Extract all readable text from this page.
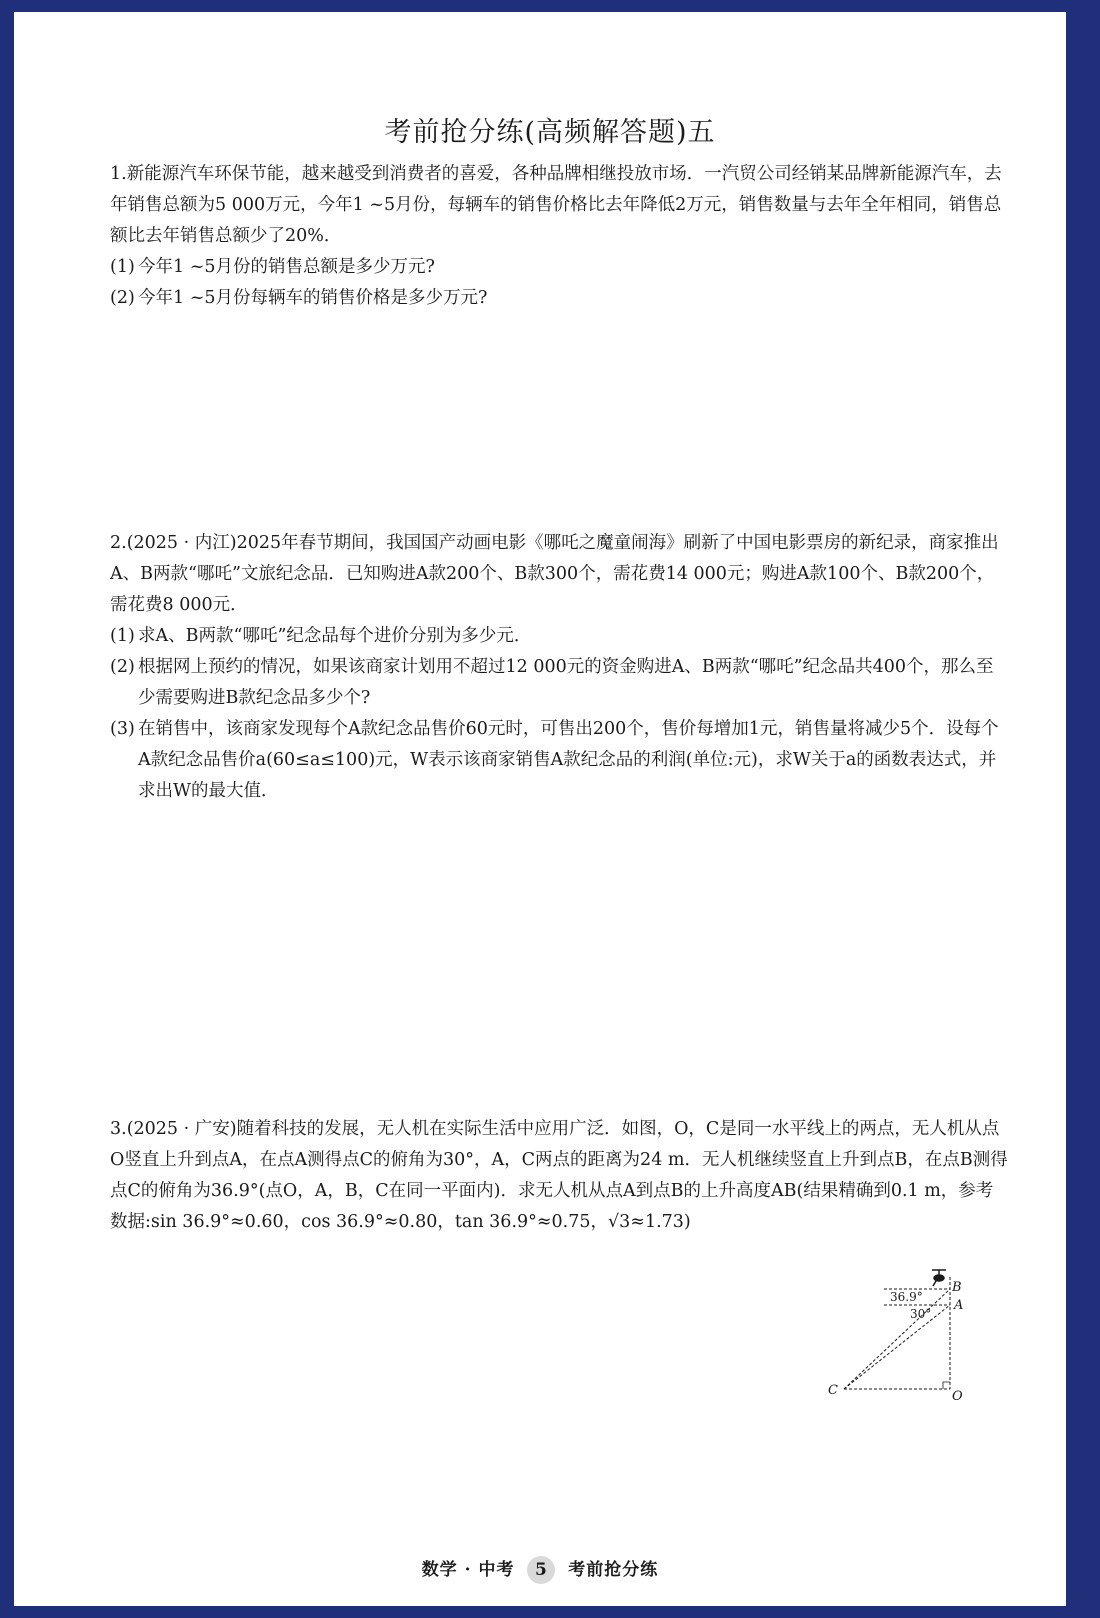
考前抢分练(高频解答题)五
1.新能源汽车环保节能，越来越受到消费者的喜爱，各种品牌相继投放市场．一汽贸公司经销某品牌新能源汽车，去年销售总额为5 000万元，今年1 ~5月份，每辆车的销售价格比去年降低2万元，销售数量与去年全年相同，销售总额比去年销售总额少了20%．
(1) 今年1 ~5月份的销售总额是多少万元?
(2) 今年1 ~5月份每辆车的销售价格是多少万元?
2.(2025 · 内江)2025年春节期间，我国国产动画电影《哪吒之魔童闹海》刷新了中国电影票房的新纪录，商家推出A、B两款“哪吒”文旅纪念品．已知购进A款200个、B款300个，需花费14 000元；购进A款100个、B款200个，需花费8 000元．
(1) 求A、B两款“哪吒”纪念品每个进价分别为多少元．
(2) 根据网上预约的情况，如果该商家计划用不超过12 000元的资金购进A、B两款“哪吒”纪念品共400个，那么至少需要购进B款纪念品多少个?
(3) 在销售中，该商家发现每个A款纪念品售价60元时，可售出200个，售价每增加1元，销售量将减少5个．设每个A款纪念品售价a(60≤a≤100)元，W表示该商家销售A款纪念品的利润(单位:元)，求W关于a的函数表达式，并求出W的最大值．
3.(2025 · 广安)随着科技的发展，无人机在实际生活中应用广泛．如图，O，C是同一水平线上的两点，无人机从点O竖直上升到点A，在点A测得点C的俯角为30°，A，C两点的距离为24 m．无人机继续竖直上升到点B，在点B测得点C的俯角为36.9°(点O，A，B，C在同一平面内)．求无人机从点A到点B的上升高度AB(结果精确到0.1 m，参考数据:sin 36.9°≈0.60，cos 36.9°≈0.80，tan 36.9°≈0.75，√3≈1.73)
36.9°
30°
B
A
C	O
数学 · 中考 5 考前抢分练
